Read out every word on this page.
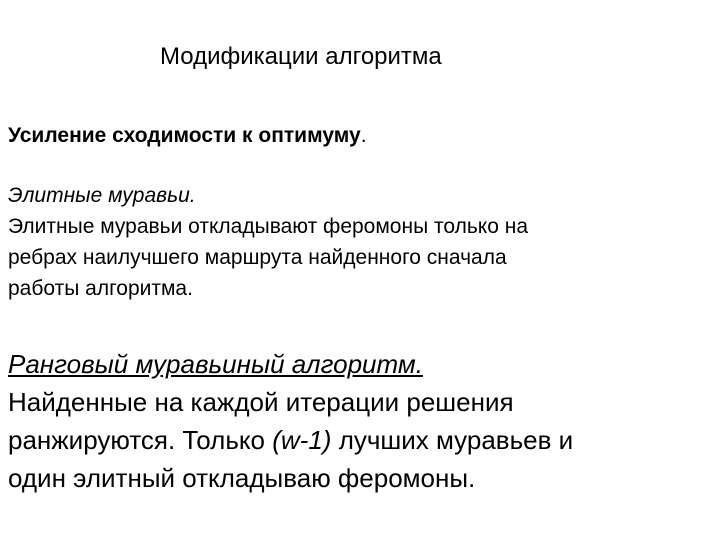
Модификации алгоритма
Усиление сходимости к оптимуму.
Элитные муравьи.
Элитные муравьи откладывают феромоны только на
ребрах наилучшего маршрута найденного сначала
работы алгоритма.
Ранговый муравьиный алгоритм.
Найденные на каждой итерации решения
ранжируются. Только (w-1) лучших муравьев и
один элитный откладываю феромоны.
